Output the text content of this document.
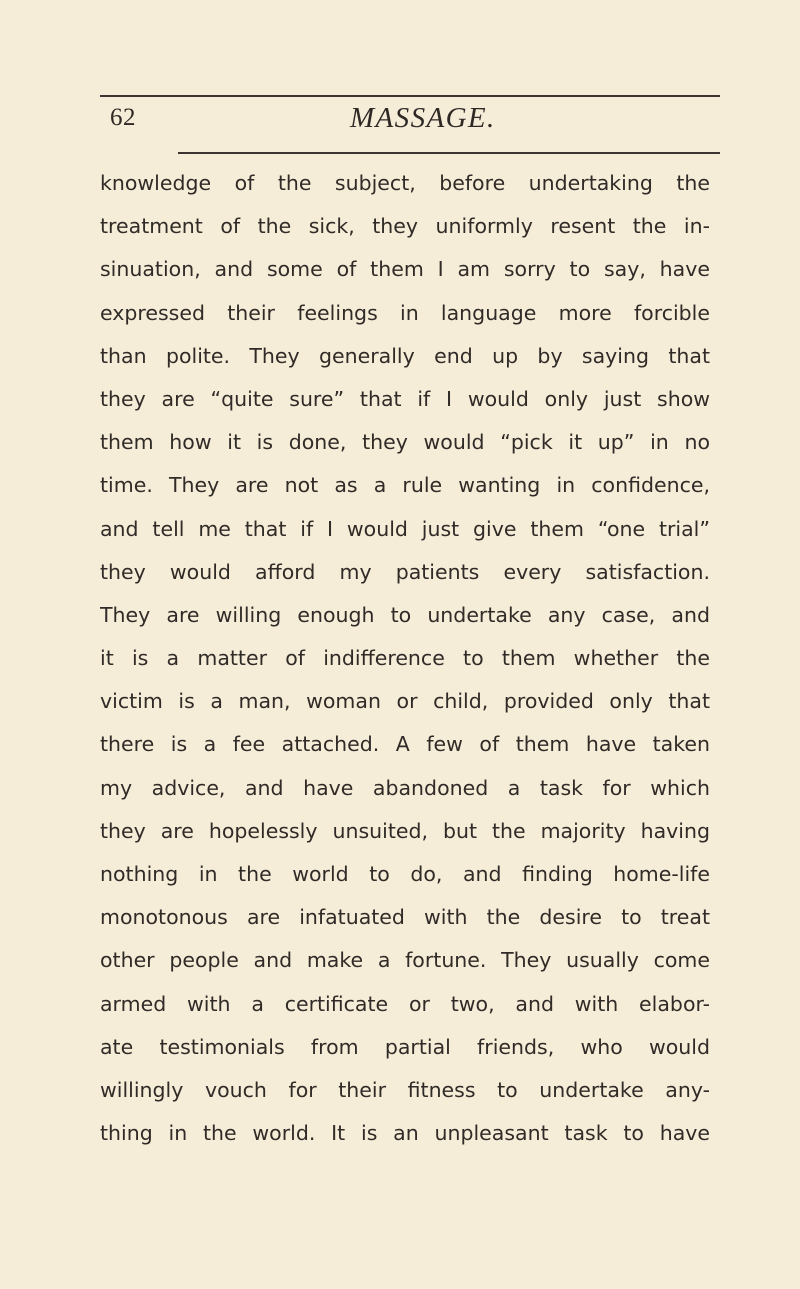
62	MASSAGE.
knowledge of the subject, before undertaking the
treatment of the sick, they uniformly resent the in-
sinuation, and some of them I am sorry to say, have
expressed their feelings in language more forcible
than polite. They generally end up by saying that
they are “quite sure” that if I would only just show
them how it is done, they would “pick it up” in no
time. They are not as a rule wanting in confidence,
and tell me that if I would just give them “one trial”
they would afford my patients every satisfaction.
They are willing enough to undertake any case, and
it is a matter of indifference to them whether the
victim is a man, woman or child, provided only that
there is a fee attached. A few of them have taken
my advice, and have abandoned a task for which
they are hopelessly unsuited, but the majority having
nothing in the world to do, and finding home-life
monotonous are infatuated with the desire to treat
other people and make a fortune. They usually come
armed with a certificate or two, and with elabor-
ate testimonials from partial friends, who would
willingly vouch for their fitness to undertake any-
thing in the world. It is an unpleasant task to have
